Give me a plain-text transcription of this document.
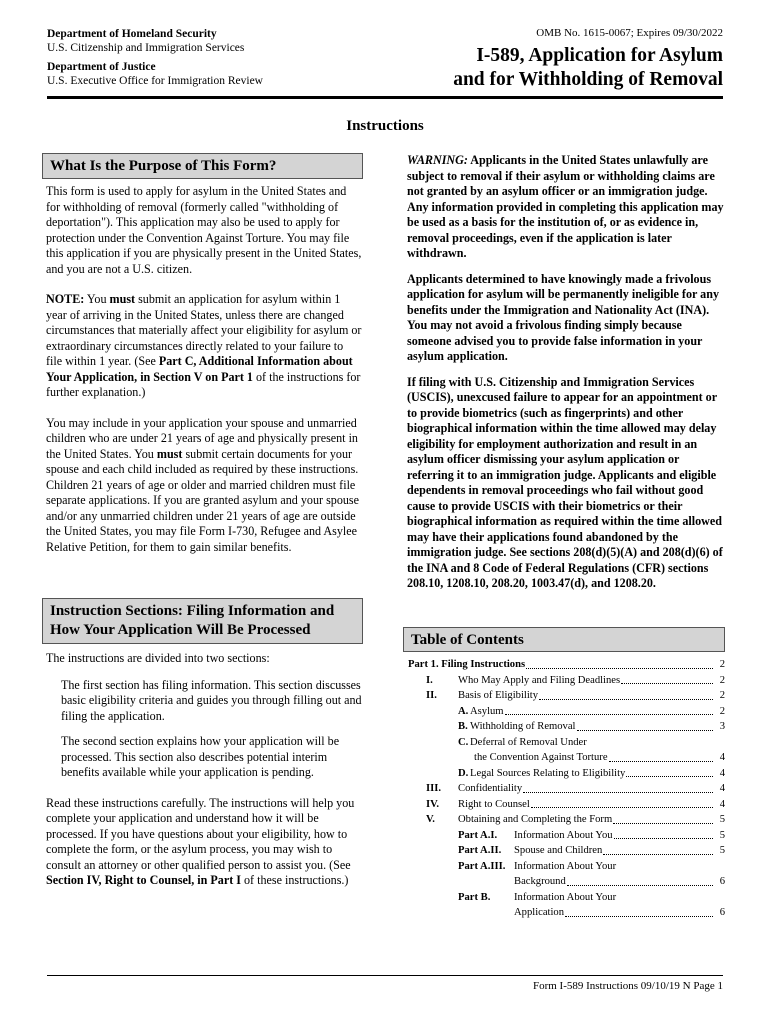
Department of Homeland Security
U.S. Citizenship and Immigration Services
Department of Justice
U.S. Executive Office for Immigration Review
OMB No. 1615-0067; Expires 09/30/2022
I-589, Application for Asylum
and for Withholding of Removal
Instructions
What Is the Purpose of This Form?

This form is used to apply for asylum in the United States and for withholding of removal (formerly called "withholding of deportation"). This application may also be used to apply for protection under the Convention Against Torture. You may file this application if you are physically present in the United States, and you are not a U.S. citizen.

NOTE: You must submit an application for asylum within 1 year of arriving in the United States, unless there are changed circumstances that materially affect your eligibility for asylum or extraordinary circumstances directly related to your failure to file within 1 year. (See Part C, Additional Information about Your Application, in Section V on Part 1 of the instructions for further explanation.)

You may include in your application your spouse and unmarried children who are under 21 years of age and physically present in the United States. You must submit certain documents for your spouse and each child included as required by these instructions. Children 21 years of age or older and married children must file separate applications. If you are granted asylum and your spouse and/or any unmarried children under 21 years of age are outside the United States, you may file Form I-730, Refugee and Asylee Relative Petition, for them to gain similar benefits.

Instruction Sections: Filing Information and How Your Application Will Be Processed

The instructions are divided into two sections:

The first section has filing information. This section discusses basic eligibility criteria and guides you through filling out and filing the application.

The second section explains how your application will be processed. This section also describes potential interim benefits available while your application is pending.

Read these instructions carefully. The instructions will help you complete your application and understand how it will be processed. If you have questions about your eligibility, how to complete the form, or the asylum process, you may wish to consult an attorney or other qualified person to assist you. (See Section IV, Right to Counsel, in Part I of these instructions.)

WARNING: Applicants in the United States unlawfully are subject to removal if their asylum or withholding claims are not granted by an asylum officer or an immigration judge. Any information provided in completing this application may be used as a basis for the institution of, or as evidence in, removal proceedings, even if the application is later withdrawn.

Applicants determined to have knowingly made a frivolous application for asylum will be permanently ineligible for any benefits under the Immigration and Nationality Act (INA). You may not avoid a frivolous finding simply because someone advised you to provide false information in your asylum application.

If filing with U.S. Citizenship and Immigration Services (USCIS), unexcused failure to appear for an appointment or to provide biometrics (such as fingerprints) and other biographical information within the time allowed may delay eligibility for employment authorization and result in an asylum officer dismissing your asylum application or referring it to an immigration judge. Applicants and eligible dependents in removal proceedings who fail without good cause to provide USCIS with their biometrics or their biographical information as required within the time allowed may have their applications found abandoned by the immigration judge. See sections 208(d)(5)(A) and 208(d)(6) of the INA and 8 Code of Federal Regulations (CFR) sections 208.10, 1208.10, 208.20, 1003.47(d), and 1208.20.

Table of Contents
Part 1. Filing Instructions	2
I. Who May Apply and Filing Deadlines	2
II. Basis of Eligibility	2
A. Asylum	2
B. Withholding of Removal	3
C. Deferral of Removal Under
the Convention Against Torture	4
D. Legal Sources Relating to Eligibility	4
III. Confidentiality	4
IV. Right to Counsel	4
V. Obtaining and Completing the Form	5
Part A.I. Information About You	5
Part A.II. Spouse and Children	5
Part A.III. Information About Your
Background	6
Part B. Information About Your
Application	6
Form I-589 Instructions 09/10/19 N Page 1
